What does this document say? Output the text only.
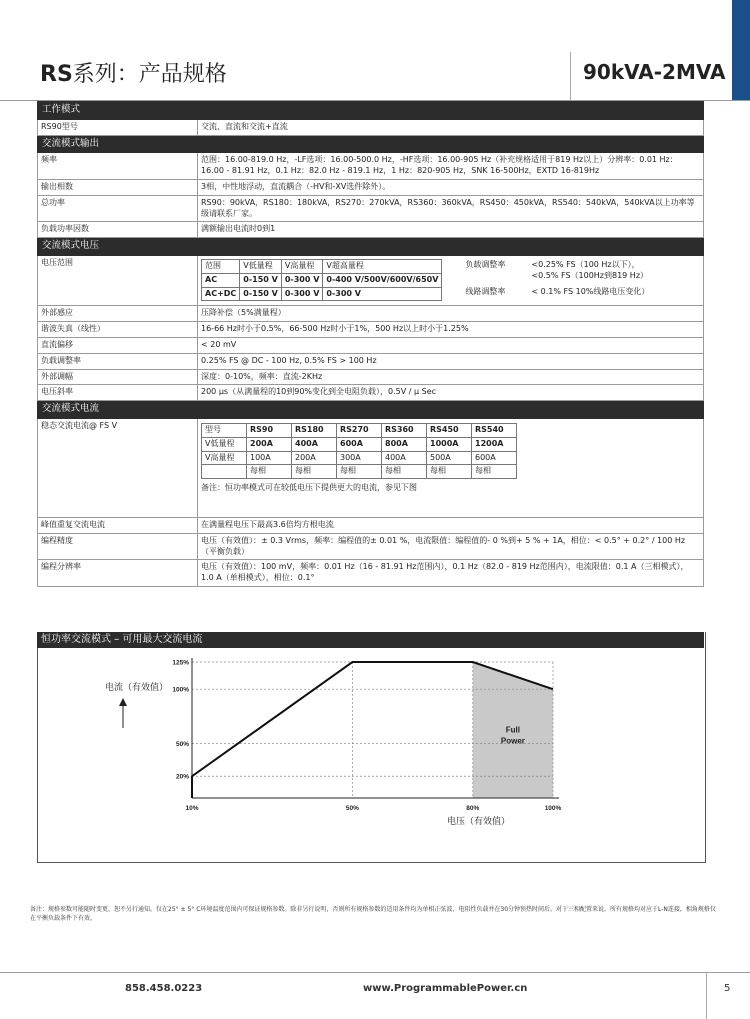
RS系列：产品规格	90kVA-2MVA
工作模式
RS90型号	交流、直流和交流+直流
交流模式输出
频率	范围：16.00-819.0 Hz，-LF选项：16.00-500.0 Hz，-HF选项：16.00-905 Hz（补充规格适用于819 Hz以上）分辨率：0.01 Hz：16.00 - 81.91 Hz，0.1 Hz：82.0 Hz - 819.1 Hz，1 Hz：820-905 Hz，SNK 16-500Hz，EXTD 16-819Hz
输出相数	3相，中性地浮动，直流耦合（-HV和-XV选件除外）。
总功率	RS90：90kVA，RS180：180kVA，RS270：270kVA，RS360：360kVA，RS450：450kVA，RS540：540kVA，540kVA以上功率等级请联系厂家。
负载功率因数	满额输出电流时0到1
交流模式电压
电压范围		范围	V低量程	V高量程	V超高量程
AC	0-150 V	0-300 V	0-400 V/500V/600V/650V
AC+DC	0-150 V	0-300 V	0-300 V
负载调整率	<0.25% FS（100 Hz以下），<0.5% FS（100Hz到819 Hz）
线路调整率	< 0.1% FS 10%线路电压变化）

外部感应	压降补偿（5%满量程）
谐波失真（线性）	16-66 Hz时小于0.5%，66-500 Hz时小于1%，500 Hz以上时小于1.25%
直流偏移	< 20 mV
负载调整率	0.25% FS @ DC - 100 Hz, 0.5% FS > 100 Hz
外部调幅	深度：0-10%，频率：直流-2KHz
电压斜率	200 μs（从满量程的10到90%变化到全电阻负载），0.5V / μ Sec
交流模式电流
稳态交流电流@ FS V		型号	RS90	RS180	RS270	RS360	RS450	RS540
V低量程	200A	400A	600A	800A	1000A	1200A
V高量程	100A	200A	300A	400A	500A	600A
	每相	每相	每相	每相	每相	每相
备注：恒功率模式可在较低电压下提供更大的电流，参见下图

峰值重复交流电流	在满量程电压下最高3.6倍均方根电流
编程精度	电压（有效值）：± 0.3 Vrms，频率：编程值的± 0.01 %，电流限值：编程值的- 0 %到+ 5 % + 1A，相位：< 0.5° + 0.2° / 100 Hz（平衡负载）
编程分辨率	电压（有效值）：100 mV，频率：0.01 Hz（16 - 81.91 Hz范围内），0.1 Hz（82.0 - 819 Hz范围内），电流限值：0.1 A（三相模式），1.0 A（单相模式），相位：0.1°
恒功率交流模式 – 可用最大交流电流
Full Power
125%
100%
50%
20%
10%	50%	80%	100%
电流（有效值）
电压（有效值）
备注：规格参数可能随时变更，恕不另行通知。仅在25° ± 5° C环境温度范围内可保证规格参数。除非另行说明，否则所有规格参数的适用条件均为单相正弦波、电阻性负载并在30分钟预热时间后。对于三相配置来说，所有规格均对应于L-N连接，相角规格仅在平衡负载条件下有效。
858.458.0223	www.ProgrammablePower.cn	5
